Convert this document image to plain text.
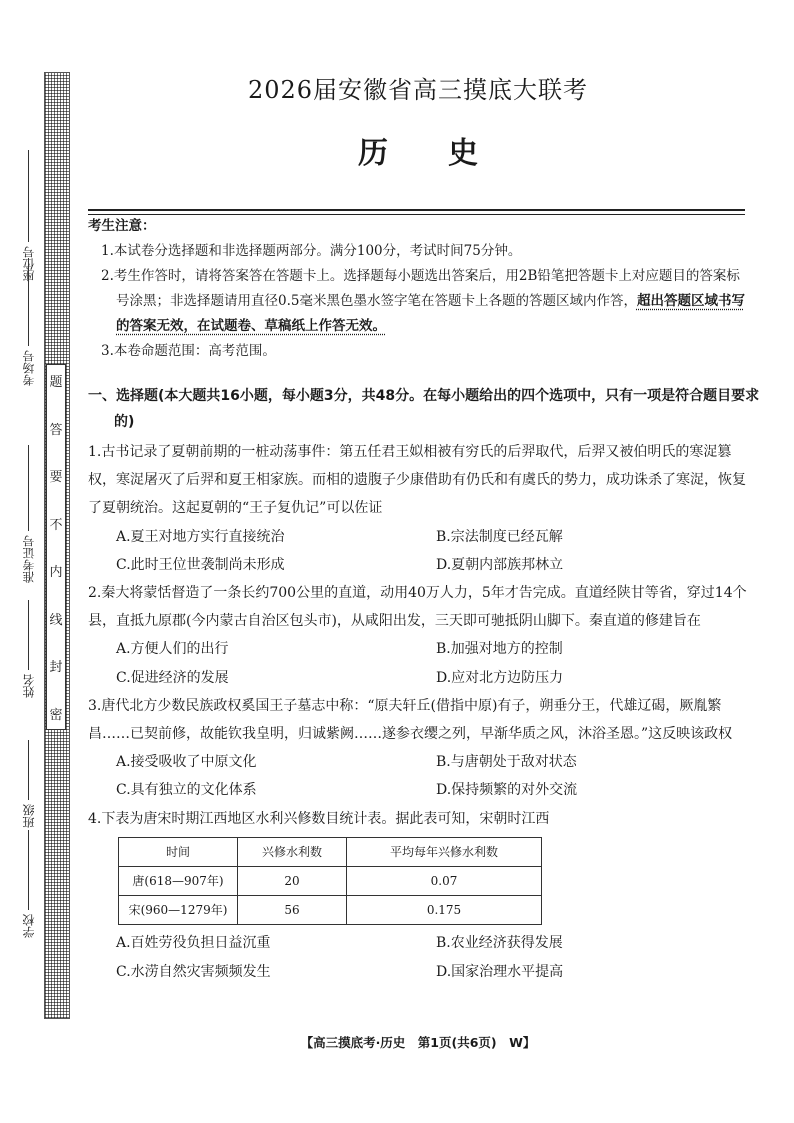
题
答
要
不
内
线
封
密
座位号
考场号
准考证号
姓名
班级
学校
2026届安徽省高三摸底大联考
历史
考生注意：
1.本试卷分选择题和非选择题两部分。满分100分，考试时间75分钟。
2.考生作答时，请将答案答在答题卡上。选择题每小题选出答案后，用2B铅笔把答题卡上对应题目的答案标号涂黑；非选择题请用直径0.5毫米黑色墨水签字笔在答题卡上各题的答题区域内作答，超出答题区域书写的答案无效，在试题卷、草稿纸上作答无效。
3.本卷命题范围：高考范围。
一、选择题(本大题共16小题，每小题3分，共48分。在每小题给出的四个选项中，只有一项是符合题目要求的)
1.古书记录了夏朝前期的一桩动荡事件：第五任君王姒相被有穷氏的后羿取代，后羿又被伯明氏的寒浞篡权，寒浞屠灭了后羿和夏王相家族。而相的遗腹子少康借助有仍氏和有虞氏的势力，成功诛杀了寒浞，恢复了夏朝统治。这起夏朝的“王子复仇记”可以佐证
A.夏王对地方实行直接统治	B.宗法制度已经瓦解
C.此时王位世袭制尚未形成	D.夏朝内部族邦林立
2.秦大将蒙恬督造了一条长约700公里的直道，动用40万人力，5年才告完成。直道经陕甘等省，穿过14个县，直抵九原郡(今内蒙古自治区包头市)，从咸阳出发，三天即可驰抵阴山脚下。秦直道的修建旨在
A.方便人们的出行	B.加强对地方的控制
C.促进经济的发展	D.应对北方边防压力
3.唐代北方少数民族政权奚国王子墓志中称：“原夫轩丘(借指中原)有子，朔垂分王，代雄辽碣，厥胤繁昌……已契前修，故能钦我皇明，归诚紫阙……遂参衣缨之列，早渐华质之风，沐浴圣恩。”这反映该政权
A.接受吸收了中原文化	B.与唐朝处于敌对状态
C.具有独立的文化体系	D.保持频繁的对外交流
4.下表为唐宋时期江西地区水利兴修数目统计表。据此表可知，宋朝时江西
时间	兴修水利数	平均每年兴修水利数
唐(618—907年)	20	0.07
宋(960—1279年)	56	0.175
A.百姓劳役负担日益沉重	B.农业经济获得发展
C.水涝自然灾害频频发生	D.国家治理水平提高
【高三摸底考·历史　第1页(共6页)　W】
